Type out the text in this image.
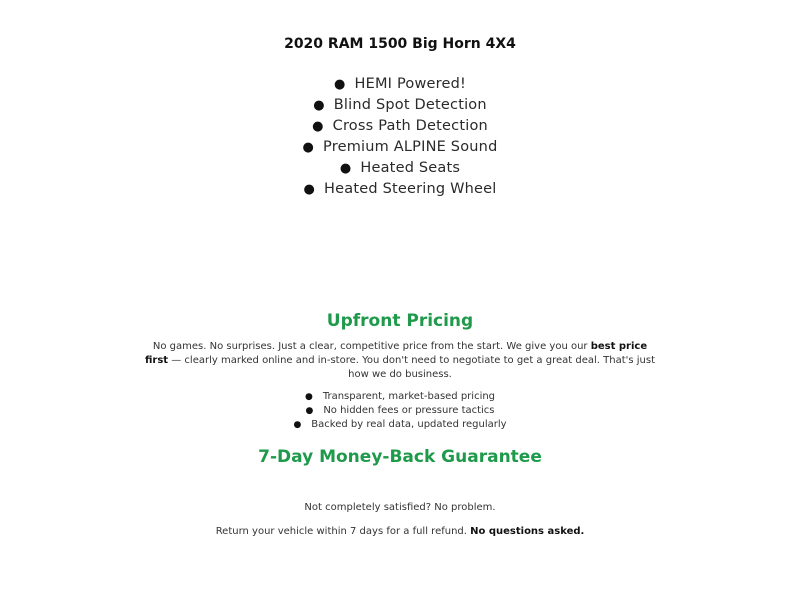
2020 RAM 1500 Big Horn 4X4
● HEMI Powered!
● Blind Spot Detection
● Cross Path Detection
● Premium ALPINE Sound
● Heated Seats
● Heated Steering Wheel
Upfront Pricing
No games. No surprises. Just a clear, competitive price from the start. We give you our best price first — clearly marked online and in-store. You don't need to negotiate to get a great deal. That's just how we do business.
● Transparent, market-based pricing
● No hidden fees or pressure tactics
● Backed by real data, updated regularly
7-Day Money-Back Guarantee
Not completely satisfied? No problem.
Return your vehicle within 7 days for a full refund. No questions asked.
